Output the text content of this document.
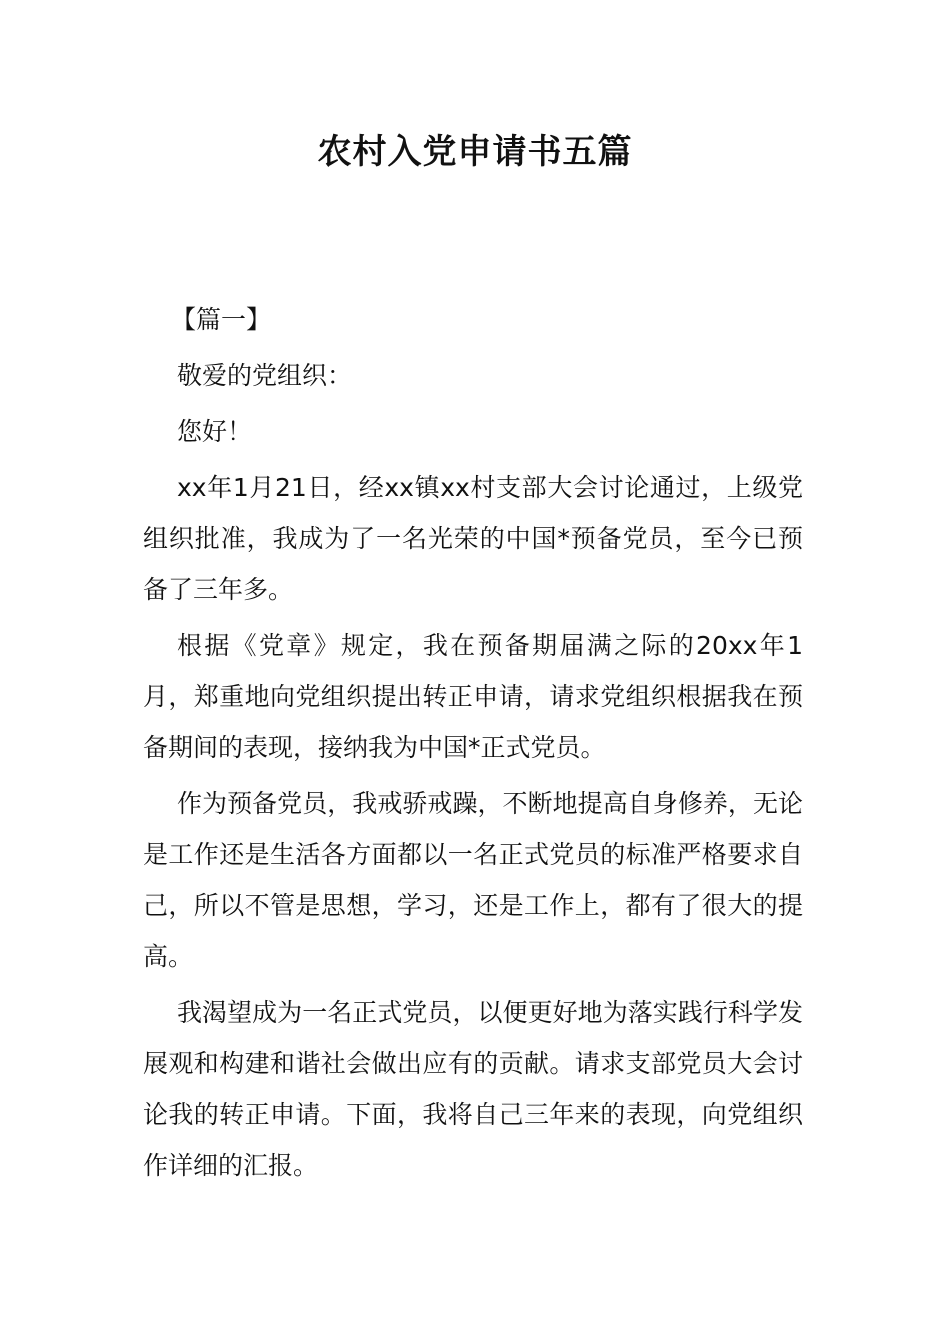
农村入党申请书五篇

【篇一】

敬爱的党组织：

您好！

xx年1月21日，经xx镇xx村支部大会讨论通过，上级党组织批准，我成为了一名光荣的中国*预备党员，至今已预备了三年多。

根据《党章》规定，我在预备期届满之际的20xx年1月，郑重地向党组织提出转正申请，请求党组织根据我在预备期间的表现，接纳我为中国*正式党员。

作为预备党员，我戒骄戒躁，不断地提高自身修养，无论是工作还是生活各方面都以一名正式党员的标准严格要求自己，所以不管是思想，学习，还是工作上，都有了很大的提高。

我渴望成为一名正式党员，以便更好地为落实践行科学发展观和构建和谐社会做出应有的贡献。请求支部党员大会讨论我的转正申请。下面，我将自己三年来的表现，向党组织作详细的汇报。
